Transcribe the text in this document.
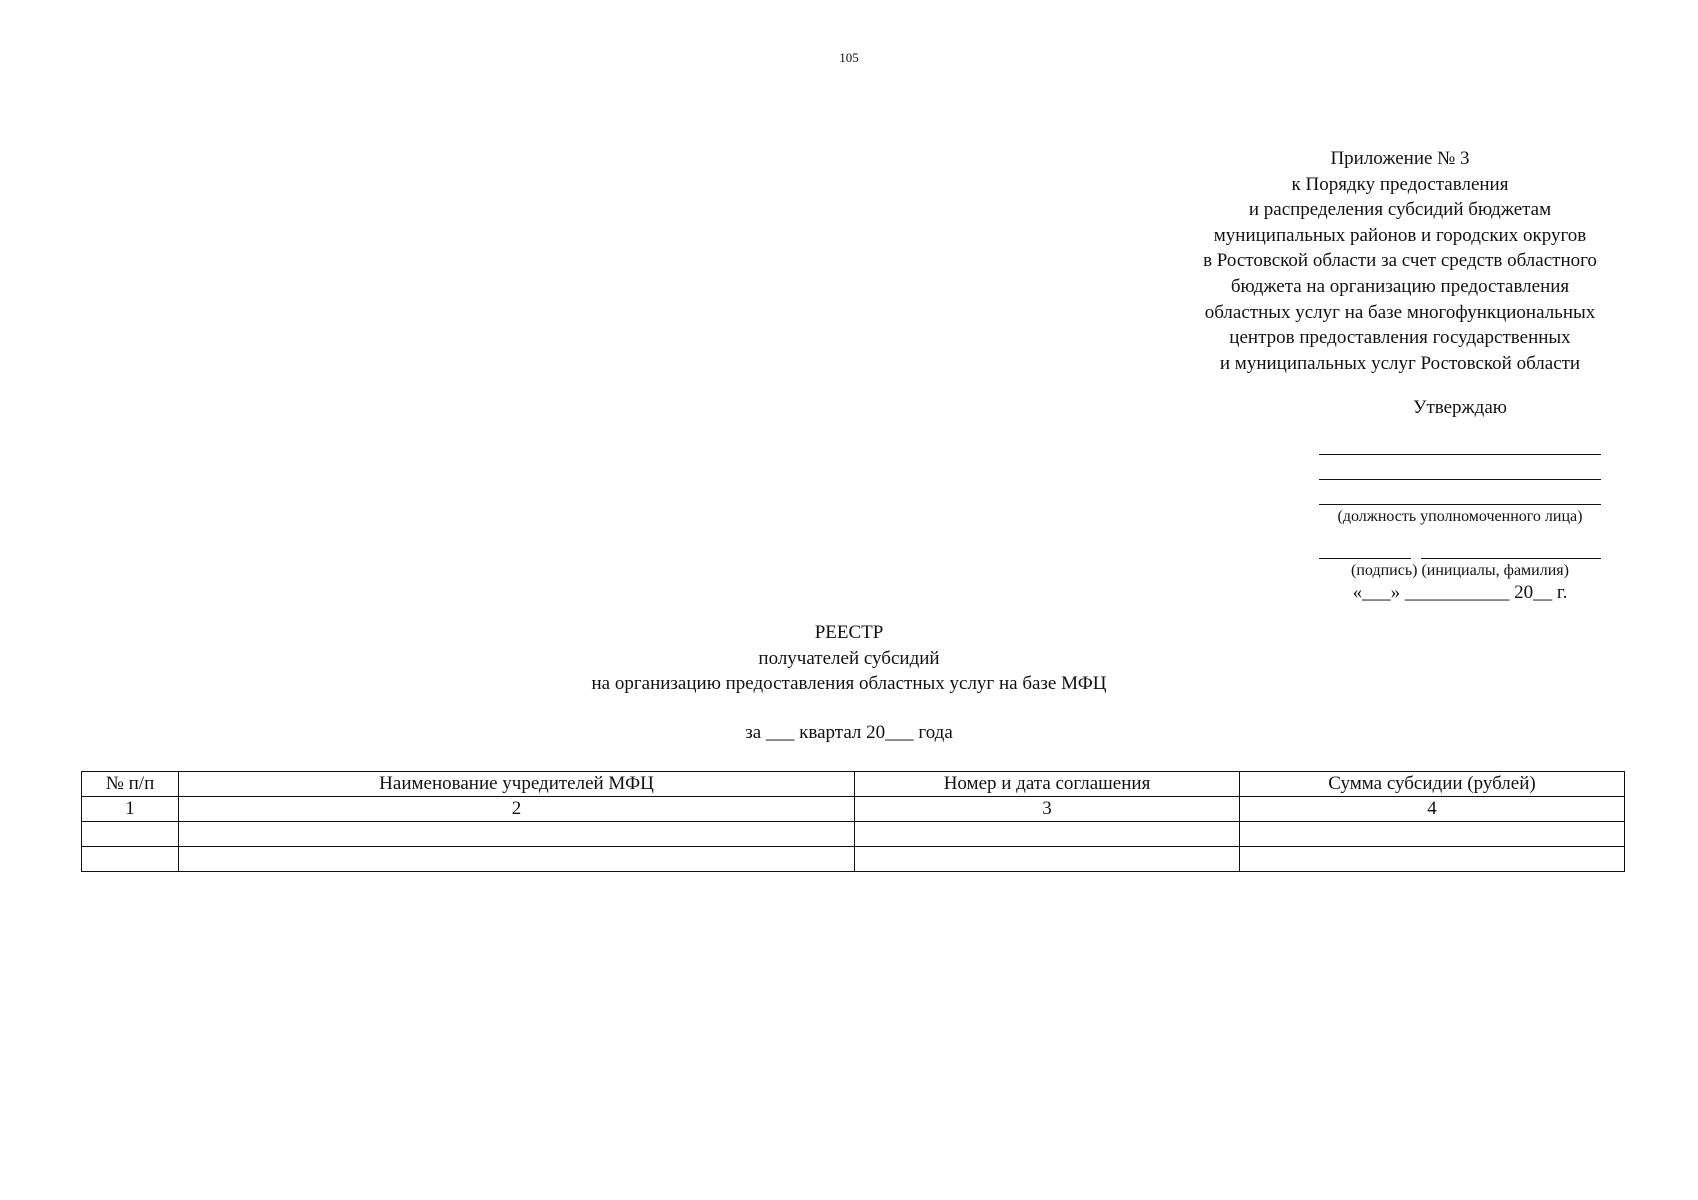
105
Приложение № 3
к Порядку предоставления
и распределения субсидий бюджетам
муниципальных районов и городских округов
в Ростовской области за счет средств областного
бюджета на организацию предоставления
областных услуг на базе многофункциональных
центров предоставления государственных
и муниципальных услуг Ростовской области
Утверждаю
(должность уполномоченного лица)
(подпись) (инициалы, фамилия)
«___» ___________ 20__ г.
РЕЕСТР
получателей субсидий
на организацию предоставления областных услуг на базе МФЦ
за ___ квартал 20___ года
№ п/п	Наименование учредителей МФЦ	Номер и дата соглашения	Сумма субсидии (рублей)
1	2	3	4
